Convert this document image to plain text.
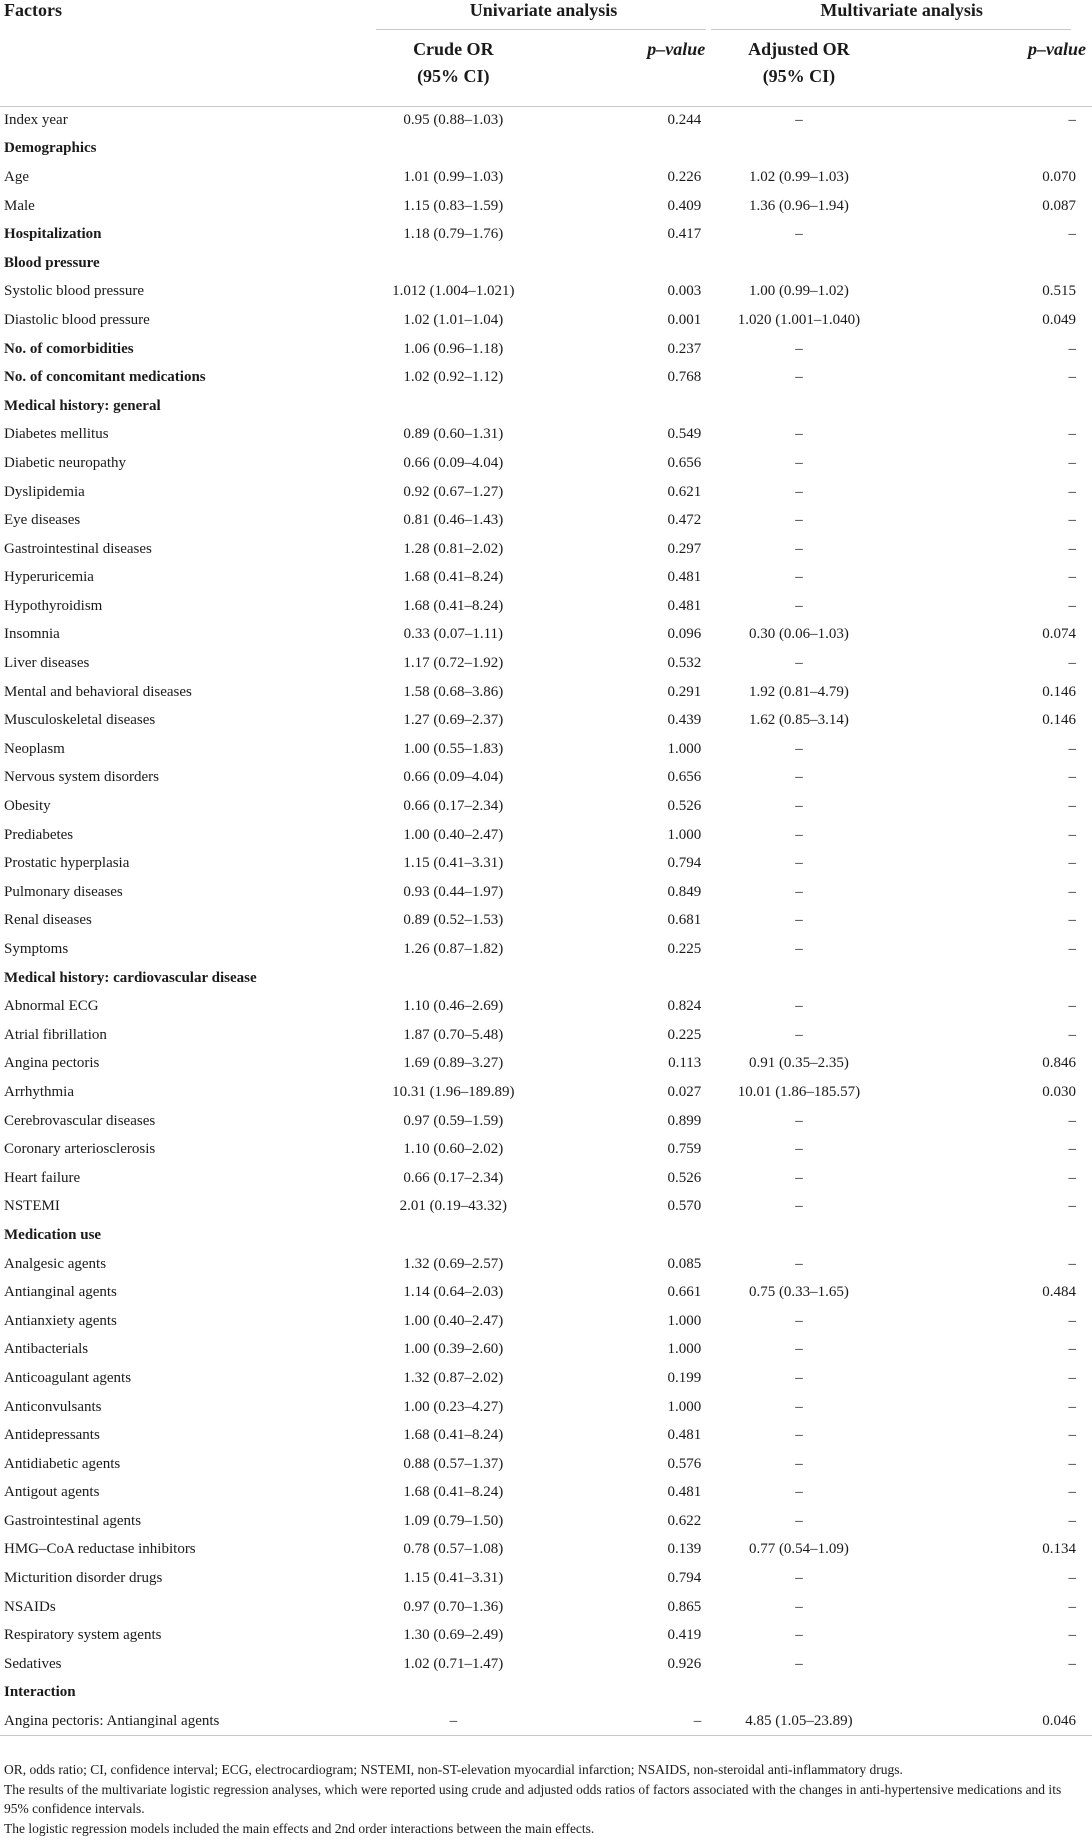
Factors	Univariate analysis		Multivariate analysis	

	Crude OR
(95% CI)	p–value	Adjusted OR
(95% CI)	p–value
Index year	0.95 (0.88–1.03)	0.244	–	–
Demographics				
Age	1.01 (0.99–1.03)	0.226	1.02 (0.99–1.03)	0.070
Male	1.15 (0.83–1.59)	0.409	1.36 (0.96–1.94)	0.087
Hospitalization	1.18 (0.79–1.76)	0.417	–	–
Blood pressure				
Systolic blood pressure	1.012 (1.004–1.021)	0.003	1.00 (0.99–1.02)	0.515
Diastolic blood pressure	1.02 (1.01–1.04)	0.001	1.020 (1.001–1.040)	0.049
No. of comorbidities	1.06 (0.96–1.18)	0.237	–	–
No. of concomitant medications	1.02 (0.92–1.12)	0.768	–	–
Medical history: general				
Diabetes mellitus	0.89 (0.60–1.31)	0.549	–	–
Diabetic neuropathy	0.66 (0.09–4.04)	0.656	–	–
Dyslipidemia	0.92 (0.67–1.27)	0.621	–	–
Eye diseases	0.81 (0.46–1.43)	0.472	–	–
Gastrointestinal diseases	1.28 (0.81–2.02)	0.297	–	–
Hyperuricemia	1.68 (0.41–8.24)	0.481	–	–
Hypothyroidism	1.68 (0.41–8.24)	0.481	–	–
Insomnia	0.33 (0.07–1.11)	0.096	0.30 (0.06–1.03)	0.074
Liver diseases	1.17 (0.72–1.92)	0.532	–	–
Mental and behavioral diseases	1.58 (0.68–3.86)	0.291	1.92 (0.81–4.79)	0.146
Musculoskeletal diseases	1.27 (0.69–2.37)	0.439	1.62 (0.85–3.14)	0.146
Neoplasm	1.00 (0.55–1.83)	1.000	–	–
Nervous system disorders	0.66 (0.09–4.04)	0.656	–	–
Obesity	0.66 (0.17–2.34)	0.526	–	–
Prediabetes	1.00 (0.40–2.47)	1.000	–	–
Prostatic hyperplasia	1.15 (0.41–3.31)	0.794	–	–
Pulmonary diseases	0.93 (0.44–1.97)	0.849	–	–
Renal diseases	0.89 (0.52–1.53)	0.681	–	–
Symptoms	1.26 (0.87–1.82)	0.225	–	–
Medical history: cardiovascular disease				
Abnormal ECG	1.10 (0.46–2.69)	0.824	–	–
Atrial fibrillation	1.87 (0.70–5.48)	0.225	–	–
Angina pectoris	1.69 (0.89–3.27)	0.113	0.91 (0.35–2.35)	0.846
Arrhythmia	10.31 (1.96–189.89)	0.027	10.01 (1.86–185.57)	0.030
Cerebrovascular diseases	0.97 (0.59–1.59)	0.899	–	–
Coronary arteriosclerosis	1.10 (0.60–2.02)	0.759	–	–
Heart failure	0.66 (0.17–2.34)	0.526	–	–
NSTEMI	2.01 (0.19–43.32)	0.570	–	–
Medication use				
Analgesic agents	1.32 (0.69–2.57)	0.085	–	–
Antianginal agents	1.14 (0.64–2.03)	0.661	0.75 (0.33–1.65)	0.484
Antianxiety agents	1.00 (0.40–2.47)	1.000	–	–
Antibacterials	1.00 (0.39–2.60)	1.000	–	–
Anticoagulant agents	1.32 (0.87–2.02)	0.199	–	–
Anticonvulsants	1.00 (0.23–4.27)	1.000	–	–
Antidepressants	1.68 (0.41–8.24)	0.481	–	–
Antidiabetic agents	0.88 (0.57–1.37)	0.576	–	–
Antigout agents	1.68 (0.41–8.24)	0.481	–	–
Gastrointestinal agents	1.09 (0.79–1.50)	0.622	–	–
HMG–CoA reductase inhibitors	0.78 (0.57–1.08)	0.139	0.77 (0.54–1.09)	0.134
Micturition disorder drugs	1.15 (0.41–3.31)	0.794	–	–
NSAIDs	0.97 (0.70–1.36)	0.865	–	–
Respiratory system agents	1.30 (0.69–2.49)	0.419	–	–
Sedatives	1.02 (0.71–1.47)	0.926	–	–
Interaction				
Angina pectoris: Antianginal agents	–	–	4.85 (1.05–23.89)	0.046

OR, odds ratio; CI, confidence interval; ECG, electrocardiogram; NSTEMI, non-ST-elevation myocardial infarction; NSAIDS, non-steroidal anti-inflammatory drugs.

The results of the multivariate logistic regression analyses, which were reported using crude and adjusted odds ratios of factors associated with the changes in anti-hypertensive medications and its 95% confidence intervals.

The logistic regression models included the main effects and 2nd order interactions between the main effects.
